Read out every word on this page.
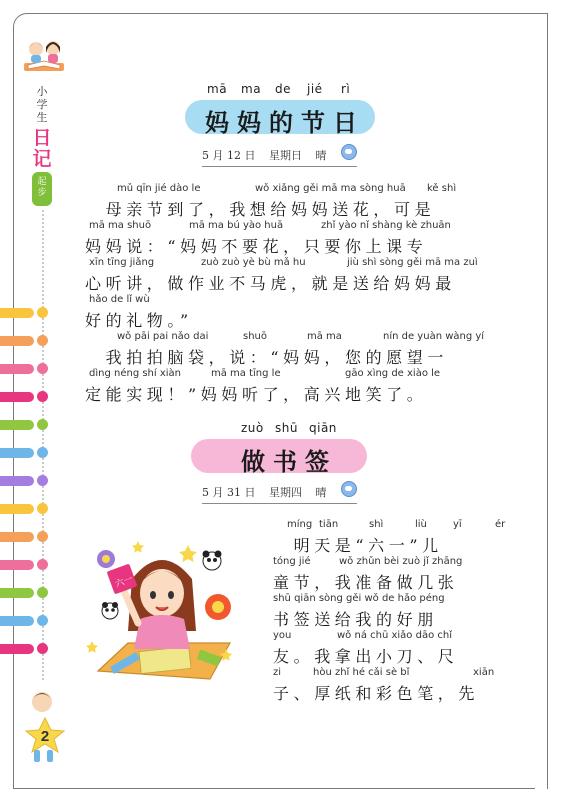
小
学
生
日
记
起
步
2
mā ma de jié rì
妈妈的节日
5 月 12 日 星期日 晴
mǔ qīn jié dào le	wǒ xiǎng gěi mā ma sòng huā kě shì
　母亲节到了，我想给妈妈送花，可是
mā ma shuō	mā ma bú yào huā	zhǐ yào nǐ shàng kè zhuān
妈妈说：“妈妈不要花，只要你上课专
xīn tīng jiǎng	zuò zuò yè bù mǎ hu	jiù shì sòng gěi mā ma zuì
心听讲，做作业不马虎，就是送给妈妈最
hǎo de lǐ wù
好的礼物。”
wǒ pāi pai nǎo dai	shuō	mā ma	nín de yuàn wàng yí
　我拍拍脑袋，说：“妈妈，您的愿望一
dìng néng shí xiàn	mā ma tīng le	gāo xìng de xiào le
定能实现！”妈妈听了，高兴地笑了。
zuò shū qiān
做书签
5 月 31 日 星期四 晴
míng tiān	shì	liù	yī	ér
　明天是“六一”儿
tóng jié	wǒ zhǔn bèi zuò jǐ zhāng
童节，我准备做几张
shū qiān sòng gěi wǒ de hǎo péng
书签送给我的好朋
you	wǒ ná chū xiǎo dāo chǐ
友。我拿出小刀、尺
zi	hòu zhǐ hé cǎi sè bǐ	xiān
子、厚纸和彩色笔，先
六一
